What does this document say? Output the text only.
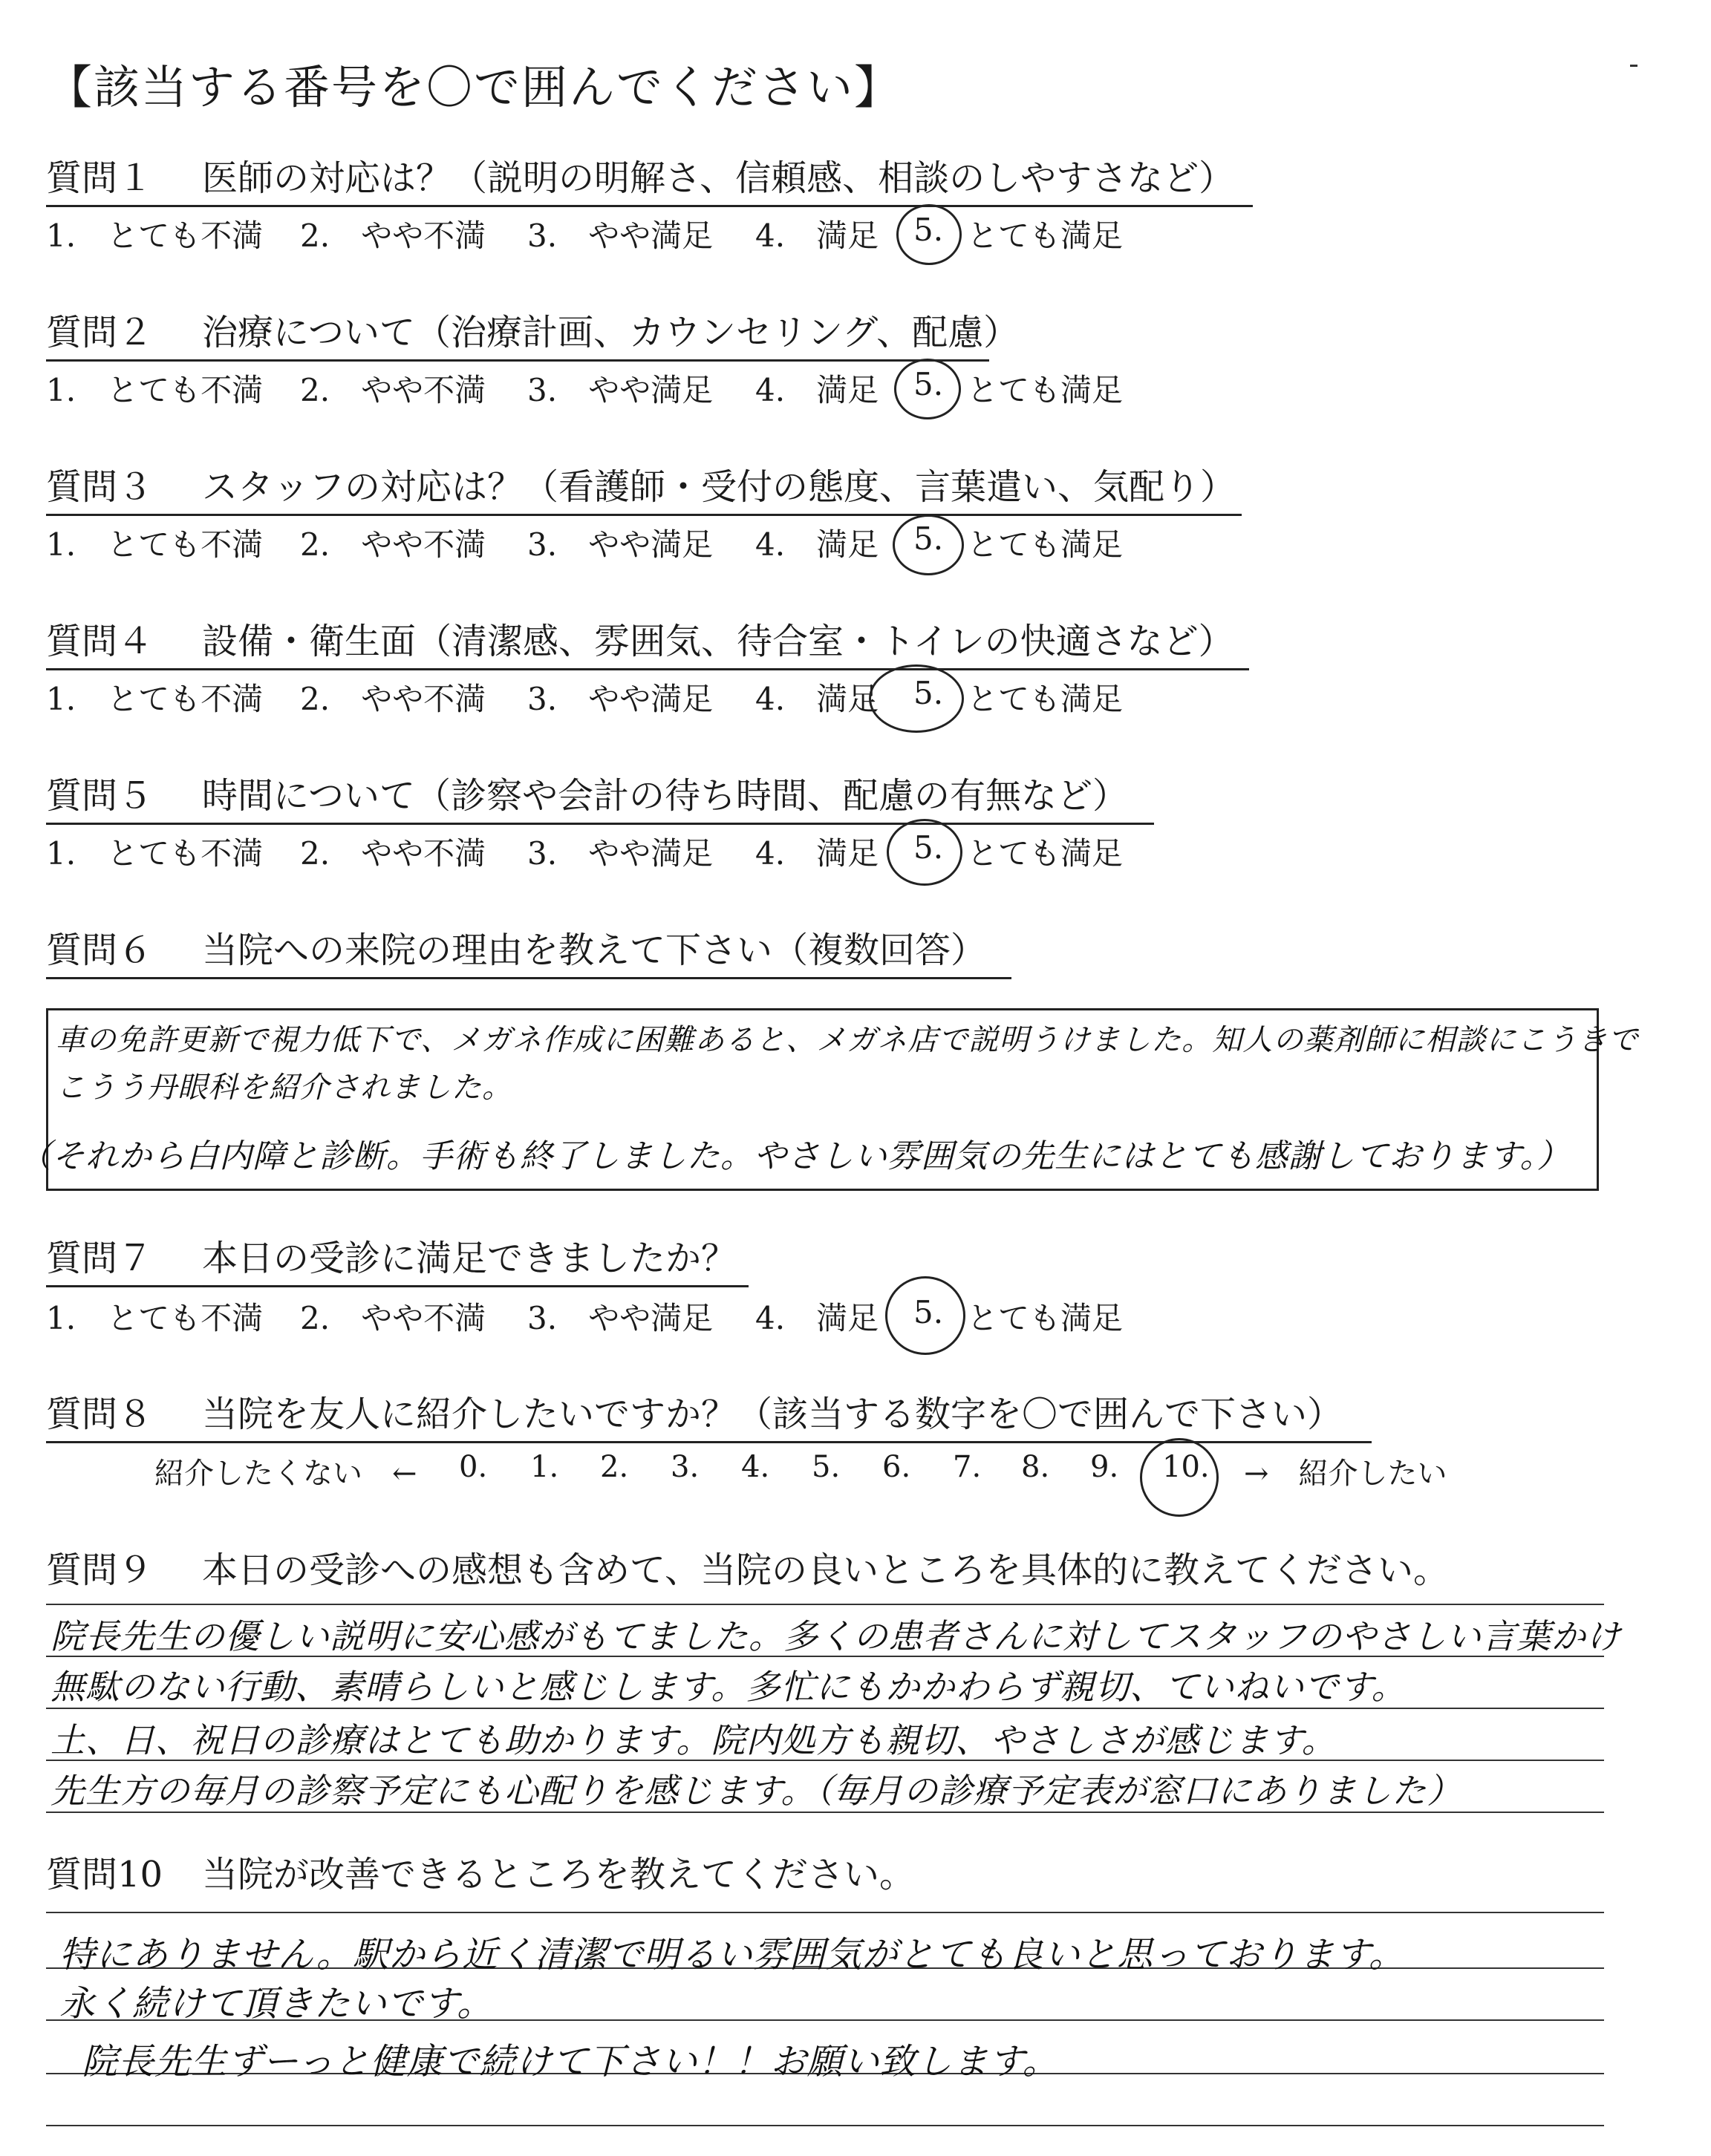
【該当する番号を〇で囲んでください】
質問１ 医師の対応は？（説明の明解さ、信頼感、相談のしやすさなど）
1.　とても不満 2.　やや不満 3.　やや満足 4.　満足 5. とても満足
質問２ 治療について（治療計画、カウンセリング、配慮）
1.　とても不満 2.　やや不満 3.　やや満足 4.　満足 5. とても満足
質問３ スタッフの対応は？（看護師・受付の態度、言葉遣い、気配り）
1.　とても不満 2.　やや不満 3.　やや満足 4.　満足 5. とても満足
質問４ 設備・衛生面（清潔感、雰囲気、待合室・トイレの快適さなど）
1.　とても不満 2.　やや不満 3.　やや満足 4.　満足 5. とても満足
質問５ 時間について（診察や会計の待ち時間、配慮の有無など）
1.　とても不満 2.　やや不満 3.　やや満足 4.　満足 5. とても満足
質問６ 当院への来院の理由を教えて下さい（複数回答）
車の免許更新で視力低下で、メガネ作成に困難あると、メガネ店で説明うけました。知人の薬剤師に相談にこうきで
こうう丹眼科を紹介されました。
（それから白内障と診断。手術も終了しました。やさしい雰囲気の先生にはとても感謝しております。）
質問７ 本日の受診に満足できましたか？
1.　とても不満 2.　やや不満 3.　やや満足 4.　満足 5. とても満足
質問８ 当院を友人に紹介したいですか？（該当する数字を〇で囲んで下さい）
紹介したくない　← 0. 1. 2. 3. 4. 5. 6. 7. 8. 9. 10. →　紹介したい
質問９ 本日の受診への感想も含めて、当院の良いところを具体的に教えてください。
院長先生の優しい説明に安心感がもてました。多くの患者さんに対してスタッフのやさしい言葉かけ
無駄のない行動、素晴らしいと感じします。多忙にもかかわらず親切、ていねいです。
土、日、祝日の診療はとても助かります。院内処方も親切、やさしさが感じます。
先生方の毎月の診察予定にも心配りを感じます。（毎月の診療予定表が窓口にありました）
質問10 当院が改善できるところを教えてください。
特にありません。駅から近く清潔で明るい雰囲気がとても良いと思っております。
永く続けて頂きたいです。
院長先生ずーっと健康で続けて下さい！！お願い致します。
